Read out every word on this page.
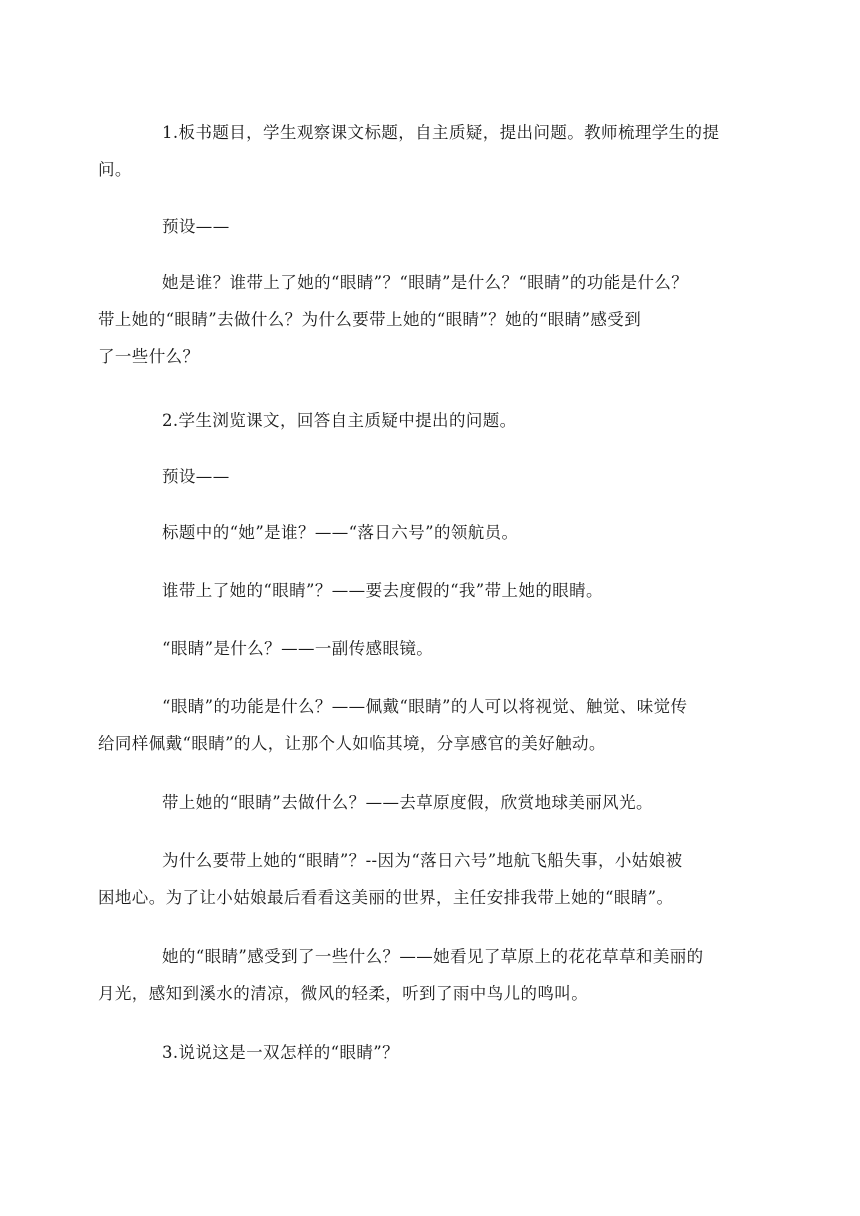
1.板书题目，学生观察课文标题，自主质疑，提出问题。教师梳理学生的提
问。

预设——

她是谁？谁带上了她的“眼睛”？“眼睛”是什么？“眼睛”的功能是什么？
带上她的“眼睛”去做什么？为什么要带上她的“眼睛”？她的“眼睛”感受到
了一些什么？

2.学生浏览课文，回答自主质疑中提出的问题。

预设——

标题中的“她”是谁？——“落日六号”的领航员。

谁带上了她的“眼睛”？——要去度假的“我”带上她的眼睛。

“眼睛”是什么？——一副传感眼镜。

“眼睛”的功能是什么？——佩戴“眼睛”的人可以将视觉、触觉、味觉传
给同样佩戴“眼睛”的人，让那个人如临其境，分享感官的美好触动。

带上她的“眼睛”去做什么？——去草原度假，欣赏地球美丽风光。

为什么要带上她的“眼睛”？--因为“落日六号”地航飞船失事，小姑娘被
困地心。为了让小姑娘最后看看这美丽的世界，主任安排我带上她的“眼睛”。

她的“眼睛”感受到了一些什么？——她看见了草原上的花花草草和美丽的
月光，感知到溪水的清凉，微风的轻柔，听到了雨中鸟儿的鸣叫。

3.说说这是一双怎样的“眼睛”？
